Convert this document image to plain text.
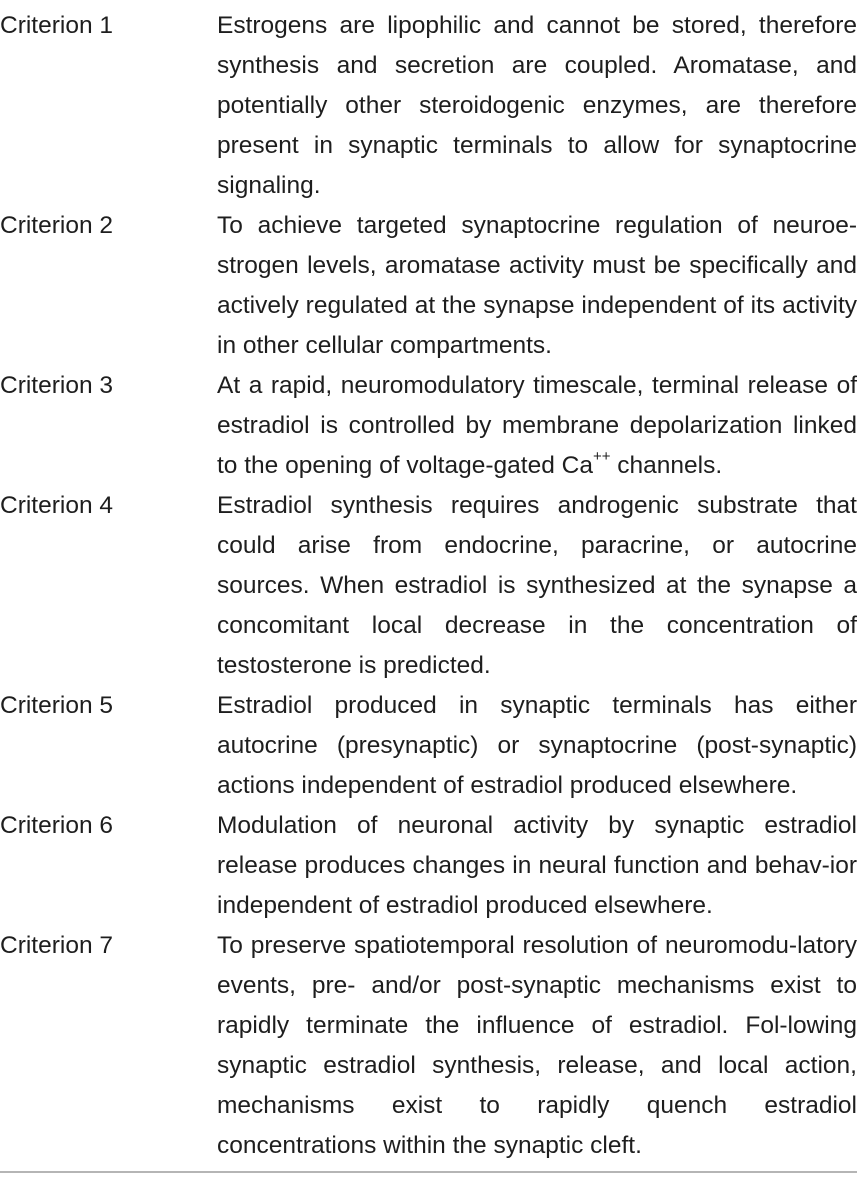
Criterion 1	Estrogens are lipophilic and cannot be stored, therefore synthesis and secretion are coupled. Aromatase, and potentially other steroidogenic enzymes, are therefore present in synaptic terminals to allow for synaptocrine signaling.
Criterion 2	To achieve targeted synaptocrine regulation of neuroe-strogen levels, aromatase activity must be specifically and actively regulated at the synapse independent of its activity in other cellular compartments.
Criterion 3	At a rapid, neuromodulatory timescale, terminal release of estradiol is controlled by membrane depolarization linked to the opening of voltage-gated Ca++ channels.
Criterion 4	Estradiol synthesis requires androgenic substrate that could arise from endocrine, paracrine, or autocrine sources. When estradiol is synthesized at the synapse a concomitant local decrease in the concentration of testosterone is predicted.
Criterion 5	Estradiol produced in synaptic terminals has either autocrine (presynaptic) or synaptocrine (post-synaptic) actions independent of estradiol produced elsewhere.
Criterion 6	Modulation of neuronal activity by synaptic estradiol release produces changes in neural function and behav-ior independent of estradiol produced elsewhere.
Criterion 7	To preserve spatiotemporal resolution of neuromodu-latory events, pre- and/or post-synaptic mechanisms exist to rapidly terminate the influence of estradiol. Fol-lowing synaptic estradiol synthesis, release, and local action, mechanisms exist to rapidly quench estradiol concentrations within the synaptic cleft.
